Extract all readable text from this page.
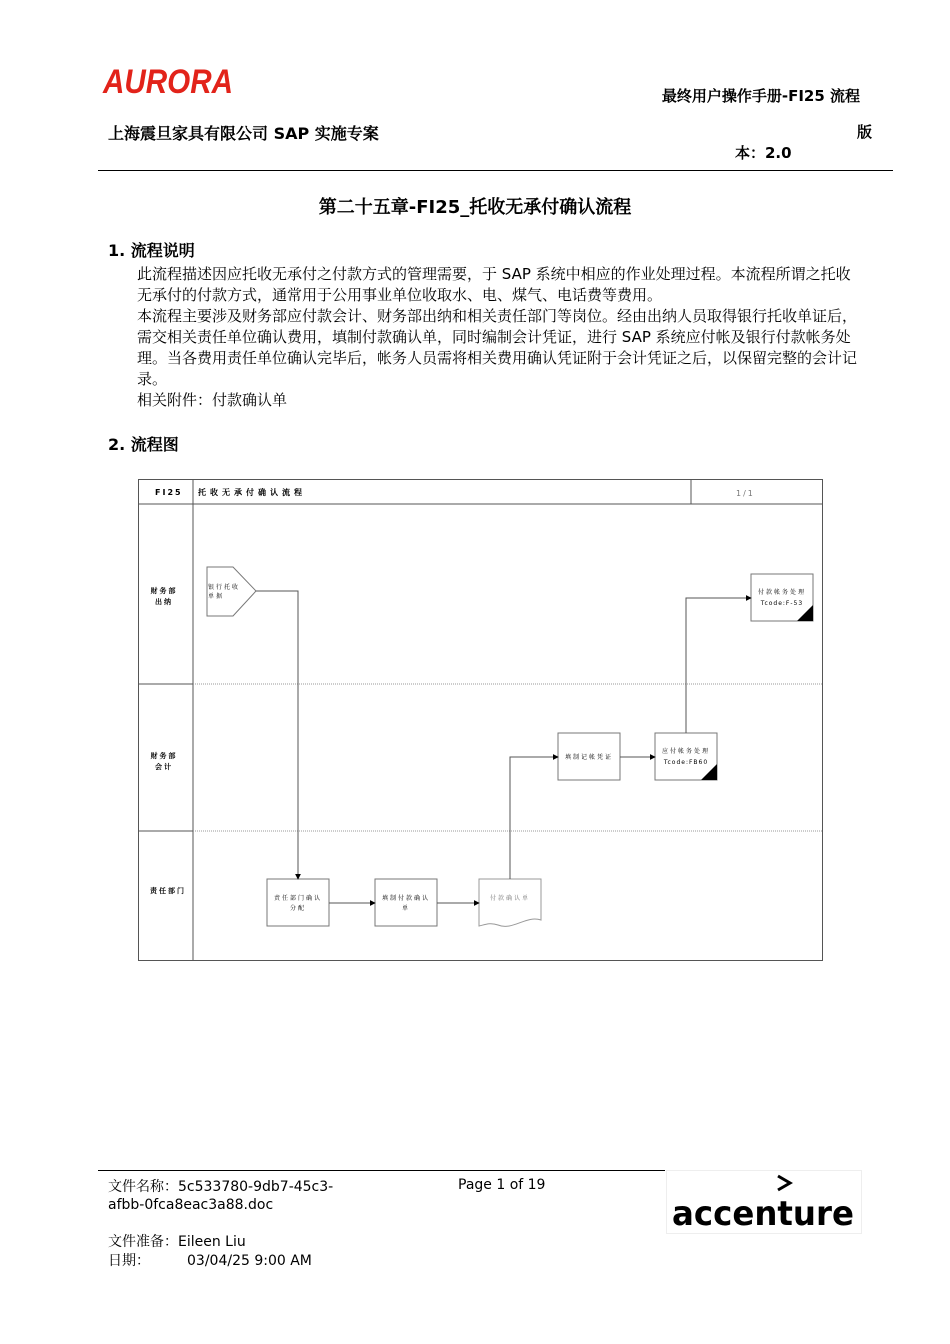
AURORA	最终用户操作手册-FI25 流程
上海震旦家具有限公司 SAP 实施专案	版
本：2.0
第二十五章-FI25_托收无承付确认流程
1. 流程说明

此流程描述因应托收无承付之付款方式的管理需要，于 SAP 系统中相应的作业处理过程。本流程所谓之托收无承付的付款方式，通常用于公用事业单位收取水、电、煤气、电话费等费用。

本流程主要涉及财务部应付款会计、财务部出纳和相关责任部门等岗位。经由出纳人员取得银行托收单证后，需交相关责任单位确认费用，填制付款确认单，同时编制会计凭证，进行 SAP 系统应付帐及银行付款帐务处理。当各费用责任单位确认完毕后，帐务人员需将相关费用确认凭证附于会计凭证之后，以保留完整的会计记录。

相关附件：付款确认单

2. 流程图
FI25 托收无承付确认流程	1/1
财务部
出纳
财务部
会计
责任部门
银行托收
单据
责任部门确认
分配
填制付款确认
单
付款确认单
填制记帐凭证
应付帐务处理
Tcode:FB60
付款帐务处理
Tcode:F-53
文件名称：5c533780-9db7-45c3-
afbb-0fca8eac3a88.doc
Page 1 of 19
文件准备：Eileen Liu
日期：	03/04/25 9:00 AM
accenture
